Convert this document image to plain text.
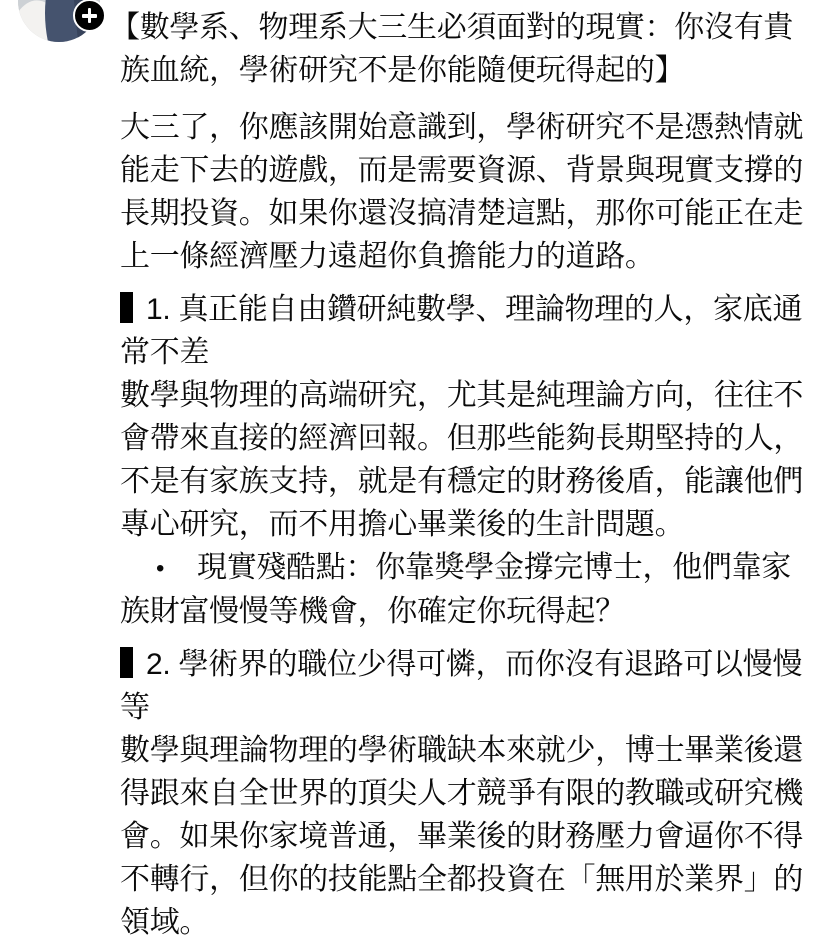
【數學系、物理系大三生必須面對的現實：你沒有貴族血統，學術研究不是你能隨便玩得起的】

大三了，你應該開始意識到，學術研究不是憑熱情就能走下去的遊戲，而是需要資源、背景與現實支撐的長期投資。如果你還沒搞清楚這點，那你可能正在走上一條經濟壓力遠超你負擔能力的道路。

1. 真正能自由鑽研純數學、理論物理的人，家底通常不差

數學與物理的高端研究，尤其是純理論方向，往往不會帶來直接的經濟回報。但那些能夠長期堅持的人，不是有家族支持，就是有穩定的財務後盾，能讓他們專心研究，而不用擔心畢業後的生計問題。

• 現實殘酷點：你靠獎學金撐完博士，他們靠家族財富慢慢等機會，你確定你玩得起？

2. 學術界的職位少得可憐，而你沒有退路可以慢慢等

數學與理論物理的學術職缺本來就少，博士畢業後還得跟來自全世界的頂尖人才競爭有限的教職或研究機會。如果你家境普通，畢業後的財務壓力會逼你不得不轉行，但你的技能點全都投資在「無用於業界」的領域。
